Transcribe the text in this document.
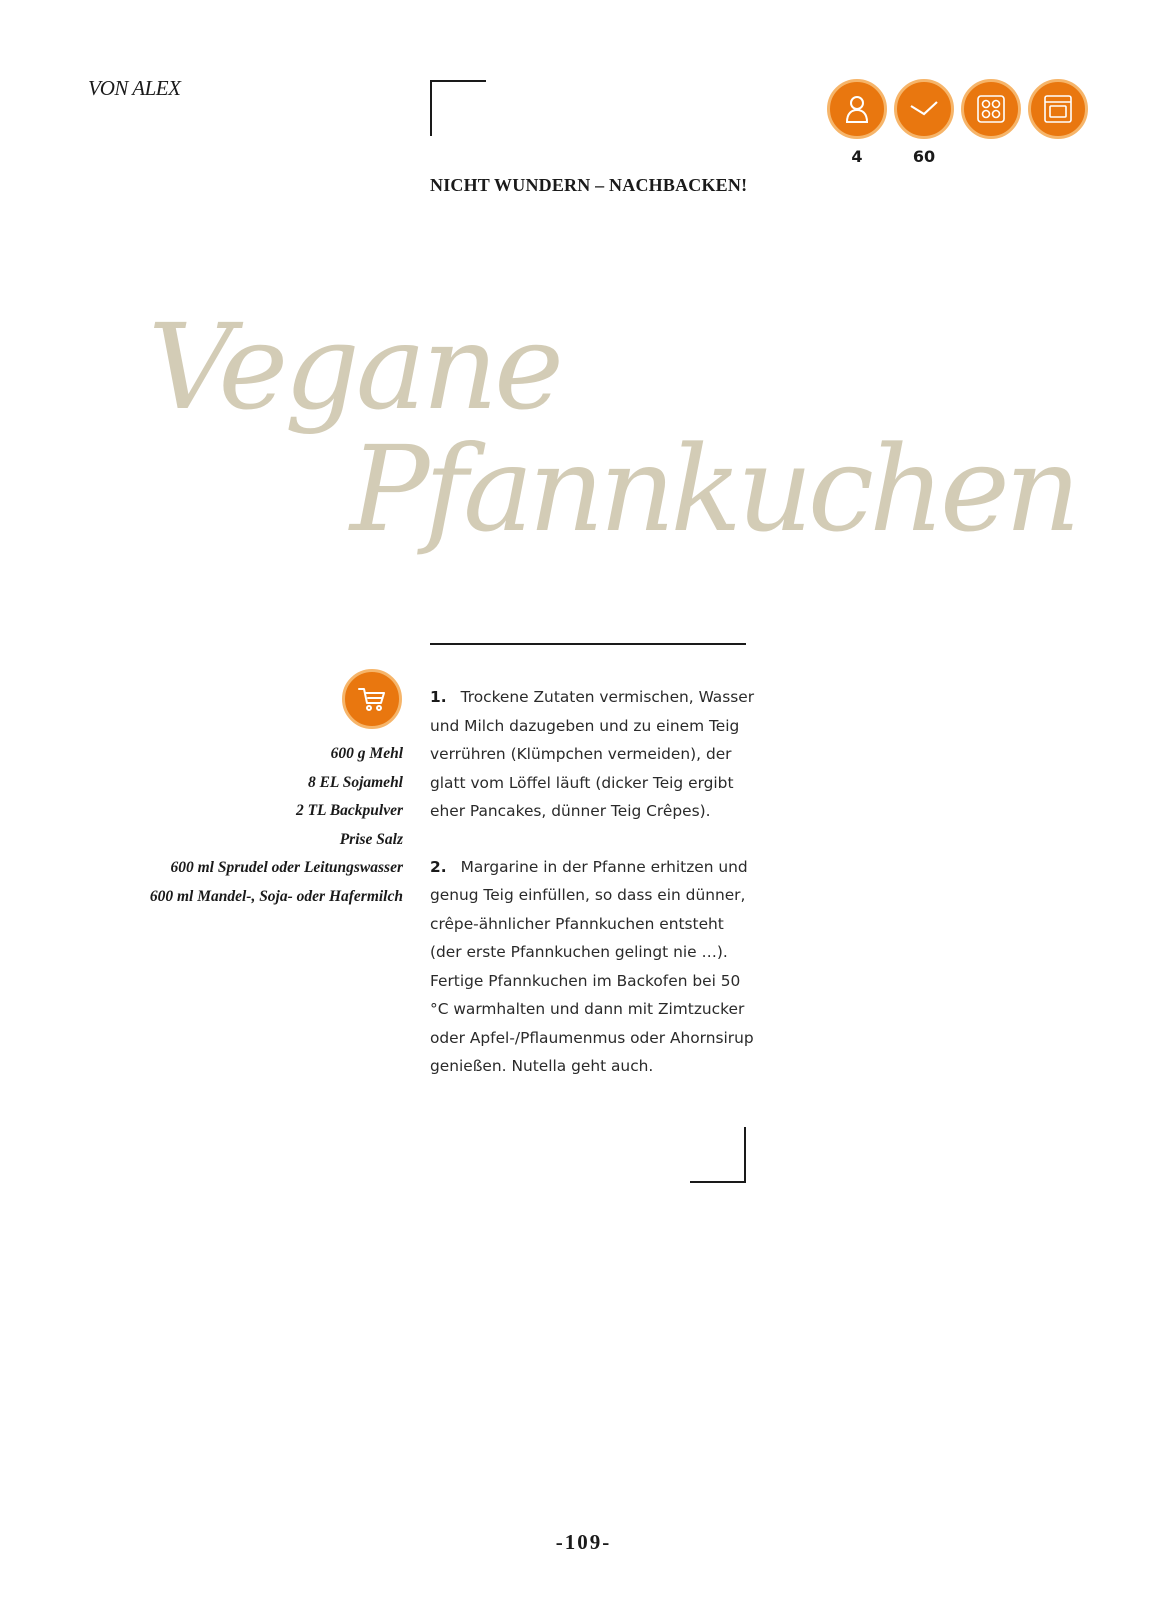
VON ALEX
NICHT WUNDERN – NACHBACKEN!
4	60
Vegane
Pfannkuchen
600 g Mehl
8 EL Sojamehl
2 TL Backpulver
Prise Salz
600 ml Sprudel oder Leitungswasser
600 ml Mandel-, Soja- oder Hafermilch

1. Trockene Zutaten vermischen, Wasser und Milch dazugeben und zu einem Teig verrühren (Klümpchen vermeiden), der glatt vom Löffel läuft (dicker Teig ergibt eher Pancakes, dünner Teig Crêpes).

2. Margarine in der Pfanne erhitzen und genug Teig einfüllen, so dass ein dünner, crêpe-ähnlicher Pfannkuchen entsteht (der erste Pfannkuchen gelingt nie …). Fertige Pfannkuchen im Backofen bei 50 °C warmhalten und dann mit Zimtzucker oder Apfel-/Pflaumenmus oder Ahornsirup genießen. Nutella geht auch.

-109-
